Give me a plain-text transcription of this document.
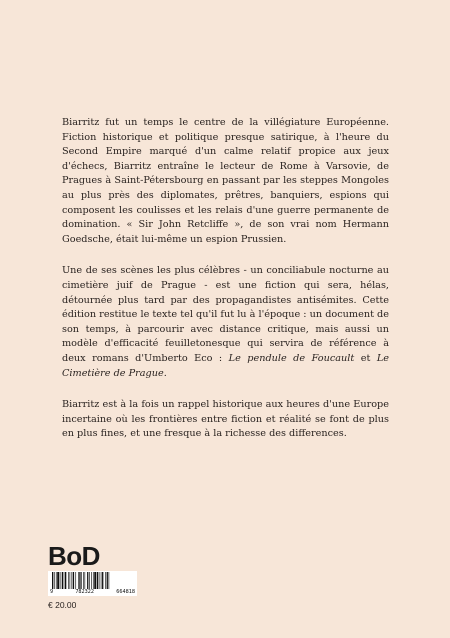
Biarritz fut un temps le centre de la villégiature Européenne. Fiction historique et politique presque satirique, à l'heure du Second Empire marqué d'un calme relatif propice aux jeux d'échecs, Biarritz entraîne le lecteur de Rome à Varsovie, de Pragues à Saint-Pétersbourg en passant par les steppes Mongoles au plus près des diplomates, prêtres, banquiers, espions qui composent les coulisses et les relais d'une guerre permanente de domination. « Sir John Retcliffe », de son vrai nom Hermann Goedsche, était lui-même un espion Prussien.

Une de ses scènes les plus célèbres - un conciliabule nocturne au cimetière juif de Prague - est une fiction qui sera, hélas, détournée plus tard par des propagandistes antisémites. Cette édition restitue le texte tel qu'il fut lu à l'époque : un document de son temps, à parcourir avec distance critique, mais aussi un modèle d'efficacité feuilletonesque qui servira de référence à deux romans d'Umberto Eco : Le pendule de Foucault et Le Cimetière de Prague.

Biarritz est à la fois un rappel historique aux heures d'une Europe incertaine où les frontières entre fiction et réalité se font de plus en plus fines, et une fresque à la richesse des differences.

BoD
9	782322	664818
€ 20.00
